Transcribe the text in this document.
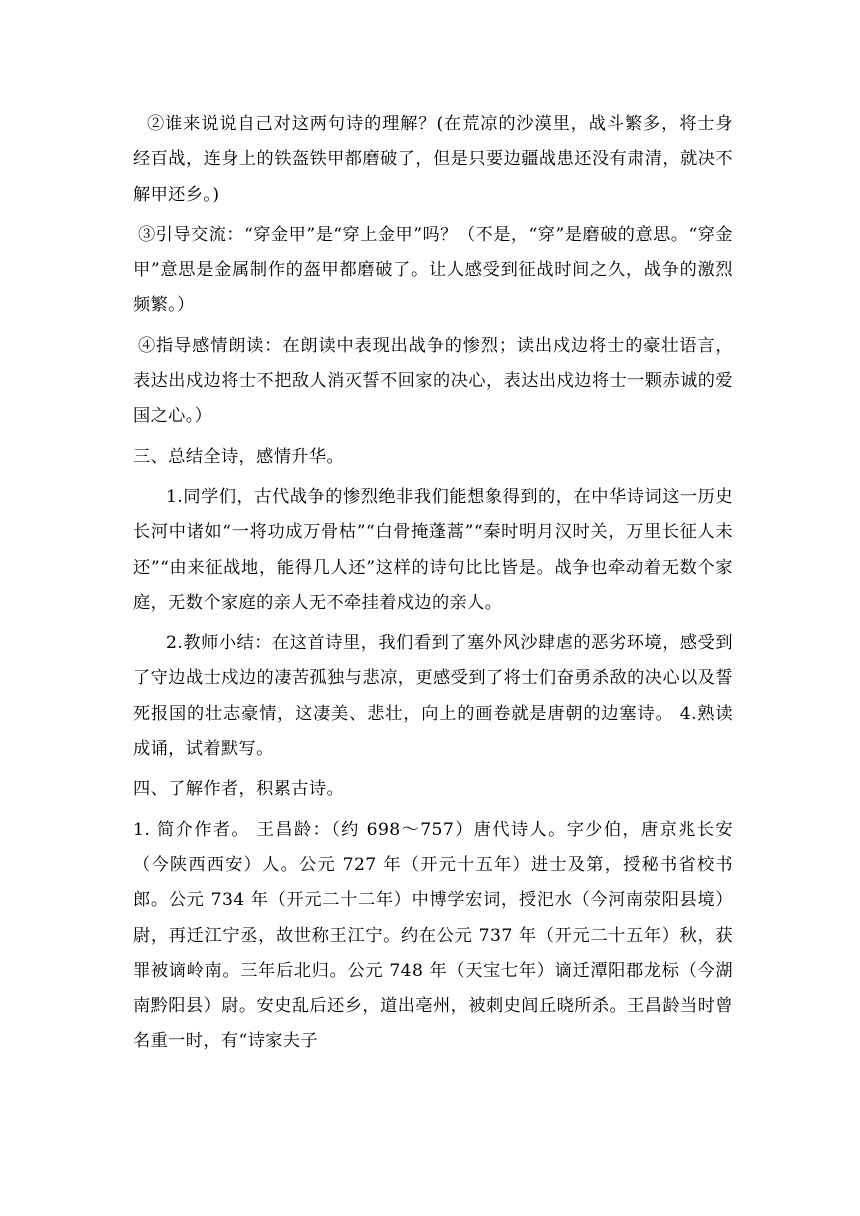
②谁来说说自己对这两句诗的理解？(在荒凉的沙漠里，战斗繁多，将士身经百战，连身上的铁盔铁甲都磨破了，但是只要边疆战患还没有肃清，就决不解甲还乡。)

③引导交流：“穿金甲”是“穿上金甲”吗？（不是，“穿”是磨破的意思。“穿金甲”意思是金属制作的盔甲都磨破了。让人感受到征战时间之久，战争的激烈频繁。）

④指导感情朗读：在朗读中表现出战争的惨烈；读出戍边将士的豪壮语言，表达出戍边将士不把敌人消灭誓不回家的决心，表达出戍边将士一颗赤诚的爱国之心。）

三、总结全诗，感情升华。

1.同学们，古代战争的惨烈绝非我们能想象得到的，在中华诗词这一历史长河中诸如“一将功成万骨枯”“白骨掩蓬蒿”“秦时明月汉时关，万里长征人未还”“由来征战地，能得几人还”这样的诗句比比皆是。战争也牵动着无数个家庭，无数个家庭的亲人无不牵挂着戍边的亲人。

2.教师小结：在这首诗里，我们看到了塞外风沙肆虐的恶劣环境，感受到了守边战士戍边的凄苦孤独与悲凉，更感受到了将士们奋勇杀敌的决心以及誓死报国的壮志豪情，这凄美、悲壮，向上的画卷就是唐朝的边塞诗。 4.熟读成诵，试着默写。

四、了解作者，积累古诗。

1. 简介作者。 王昌龄：（约 698～757）唐代诗人。字少伯，唐京兆长安（今陕西西安）人。公元 727 年（开元十五年）进士及第，授秘书省校书郎。公元 734 年（开元二十二年）中博学宏词，授汜水（今河南荥阳县境）尉，再迁江宁丞，故世称王江宁。约在公元 737 年（开元二十五年）秋，获罪被谪岭南。三年后北归。公元 748 年（天宝七年）谪迁潭阳郡龙标（今湖南黔阳县）尉。安史乱后还乡，道出亳州，被刺史闾丘晓所杀。王昌龄当时曾名重一时，有“诗家夫子
